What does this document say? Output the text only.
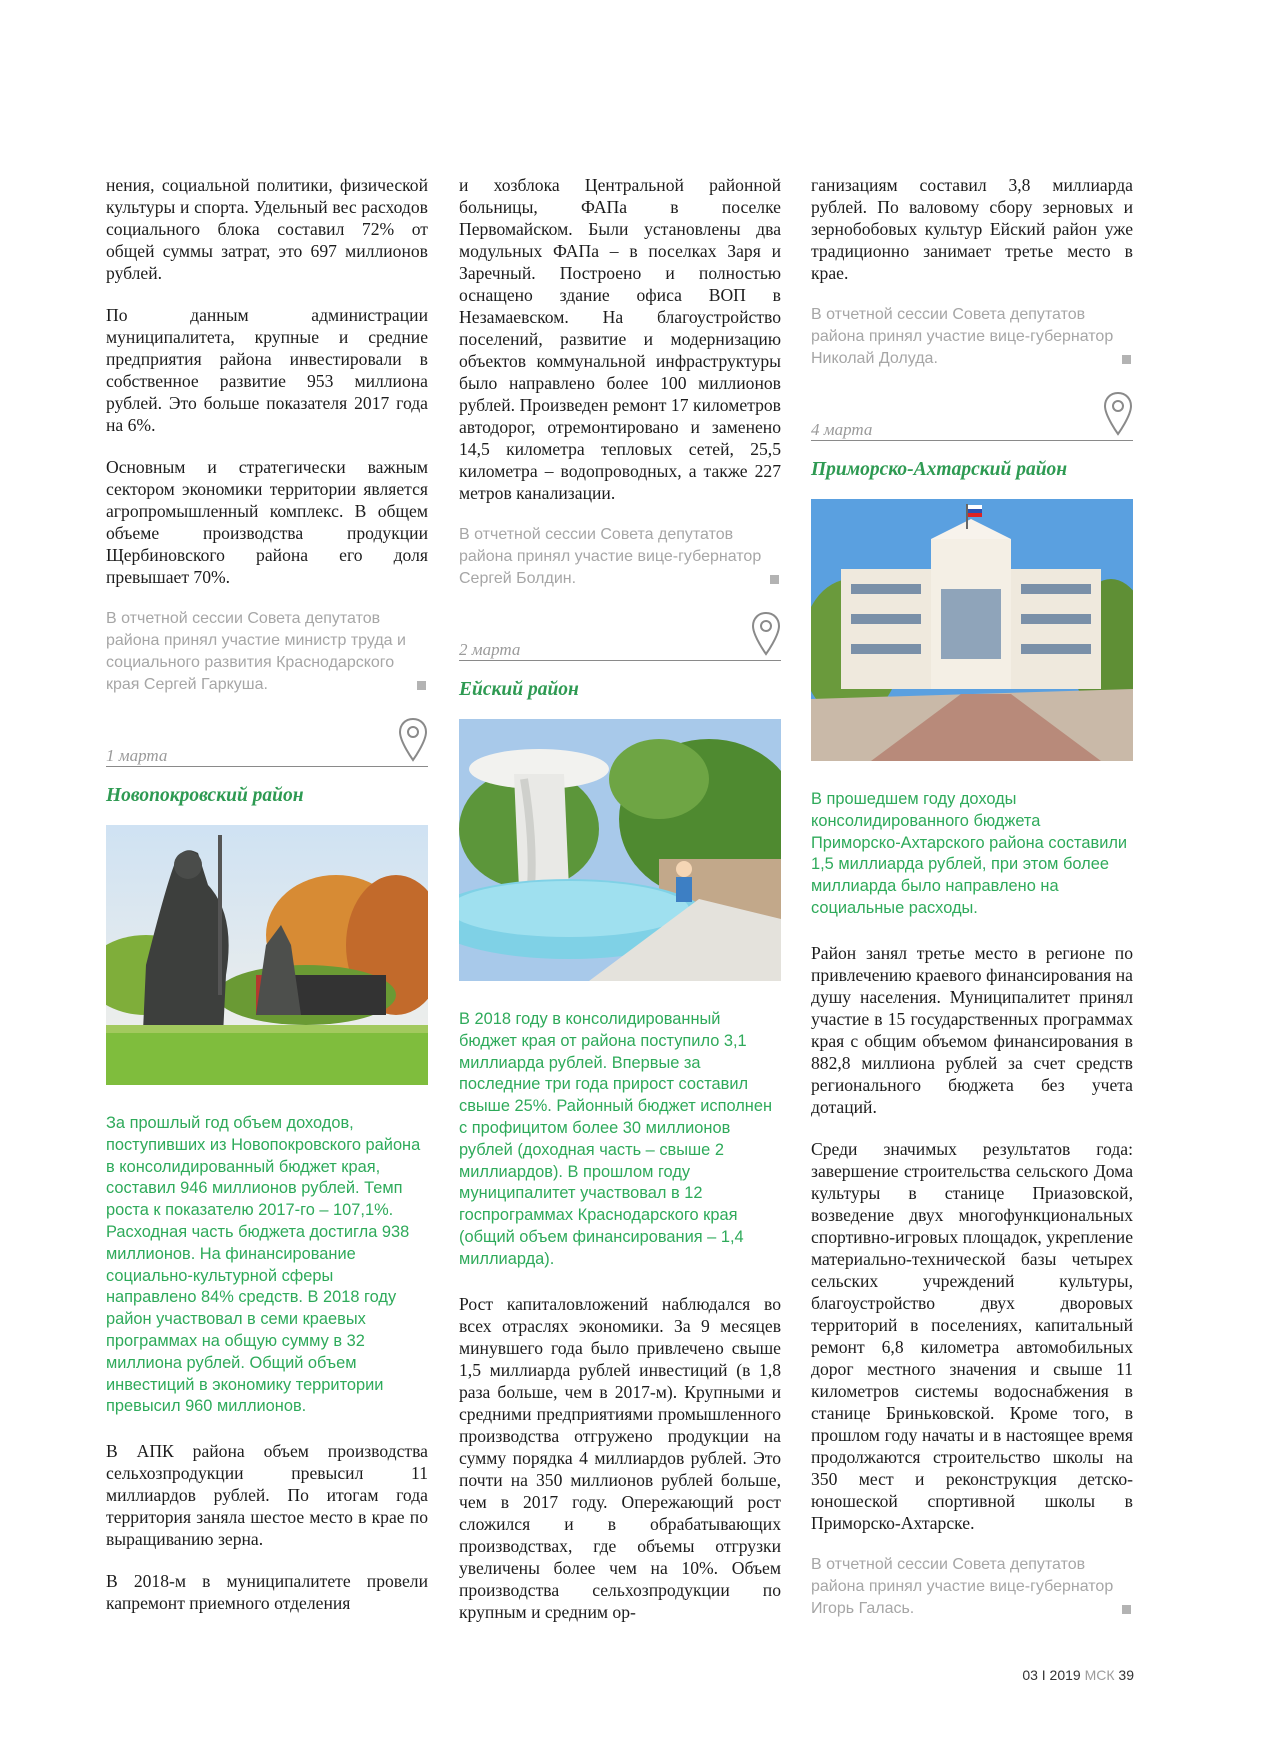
нения, социальной политики, физической культуры и спорта. Удельный вес расходов социального блока составил 72% от общей суммы затрат, это 697 миллионов рублей.

По данным администрации муниципалитета, крупные и средние предприятия района инвестировали в собственное развитие 953 миллиона рублей. Это больше показателя 2017 года на 6%.

Основным и стратегически важным сектором экономики территории является агропромышленный комплекс. В общем объеме производства продукции Щербиновского района его доля превышает 70%.

В отчетной сессии Совета депутатов района принял участие министр труда и социального развития Краснодарского края Сергей Гаркуша.

1 марта
Новопокровский район

За прошлый год объем доходов, поступивших из Новопокровского района в консолидированный бюджет края, составил 946 миллионов рублей. Темп роста к показателю 2017-го – 107,1%. Расходная часть бюджета достигла 938 миллионов. На финансирование социально-культурной сферы направлено 84% средств. В 2018 году район участвовал в семи краевых программах на общую сумму в 32 миллиона рублей. Общий объем инвестиций в экономику территории превысил 960 миллионов.

В АПК района объем производства сельхозпродукции превысил 11 миллиардов рублей. По итогам года территория заняла шестое место в крае по выращиванию зерна.

В 2018-м в муниципалитете провели капремонт приемного отделения

и хозблока Центральной районной больницы, ФАПа в поселке Первомайском. Были установлены два модульных ФАПа – в поселках Заря и Заречный. Построено и полностью оснащено здание офиса ВОП в Незамаевском. На благоустройство поселений, развитие и модернизацию объектов коммунальной инфраструктуры было направлено более 100 миллионов рублей. Произведен ремонт 17 километров автодорог, отремонтировано и заменено 14,5 километра тепловых сетей, 25,5 километра – водопроводных, а также 227 метров канализации.

В отчетной сессии Совета депутатов района принял участие вице-губернатор Сергей Болдин.

2 марта
Ейский район

В 2018 году в консолидированный бюджет края от района поступило 3,1 миллиарда рублей. Впервые за последние три года прирост составил свыше 25%. Районный бюджет исполнен с профицитом более 30 миллионов рублей (доходная часть – свыше 2 миллиардов). В прошлом году муниципалитет участвовал в 12 госпрограммах Краснодарского края (общий объем финансирования – 1,4 миллиарда).

Рост капиталовложений наблюдался во всех отраслях экономики. За 9 месяцев минувшего года было привлечено свыше 1,5 миллиарда рублей инвестиций (в 1,8 раза больше, чем в 2017-м). Крупными и средними предприятиями промышленного производства отгружено продукции на сумму порядка 4 миллиардов рублей. Это почти на 350 миллионов рублей больше, чем в 2017 году. Опережающий рост сложился и в обрабатывающих производствах, где объемы отгрузки увеличены более чем на 10%. Объем производства сельхозпродукции по крупным и средним ор-

ганизациям составил 3,8 миллиарда рублей. По валовому сбору зерновых и зернобобовых культур Ейский район уже традиционно занимает третье место в крае.

В отчетной сессии Совета депутатов района принял участие вице-губернатор Николай Долуда.

4 марта
Приморско-Ахтарский район

В прошедшем году доходы консолидированного бюджета Приморско-Ахтарского района составили 1,5 миллиарда рублей, при этом более миллиарда было направлено на социальные расходы.

Район занял третье место в регионе по привлечению краевого финансирования на душу населения. Муниципалитет принял участие в 15 государственных программах края с общим объемом финансирования в 882,8 миллиона рублей за счет средств регионального бюджета без учета дотаций.

Среди значимых результатов года: завершение строительства сельского Дома культуры в станице Приазовской, возведение двух многофункциональных спортивно-игровых площадок, укрепление материально-технической базы четырех сельских учреждений культуры, благоустройство двух дворовых территорий в поселениях, капитальный ремонт 6,8 километра автомобильных дорог местного значения и свыше 11 километров системы водоснабжения в станице Бриньковской. Кроме того, в прошлом году начаты и в настоящее время продолжаются строительство школы на 350 мест и реконструкция детско-юношеской спортивной школы в Приморско-Ахтарске.

В отчетной сессии Совета депутатов района принял участие вице-губернатор Игорь Галась.

03 I 2019 МСК 39
